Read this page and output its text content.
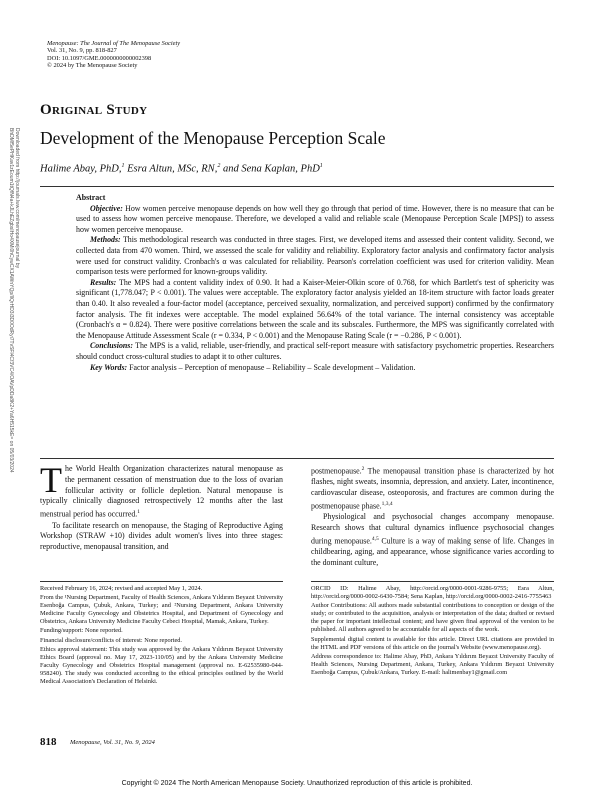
Menopause: The Journal of The Menopause Society
Vol. 31, No. 9, pp. 818-827
DOI: 10.1097/GME.0000000000002398
© 2024 by The Menopause Society
Downloaded from http://journals.lww.com/menopausejournal by BhDMf5ePHKav1zEoum1tQfN4a+kJLhEZgbsIHo4XMi0hCywCX1AWnYQp/IlQrHD3i3D0OdRyi7TvSFl4Cf3VC4/OAVpDDa8K2+Ya6H515kE= on 05/03/2024
Original Study
Development of the Menopause Perception Scale
Halime Abay, PhD,$^1$ Esra Altun, MSc, RN,$^2$ and Sena Kaplan, PhD$^1$
Abstract

Objective: How women perceive menopause depends on how well they go through that period of time. However, there is no measure that can be used to assess how women perceive menopause. Therefore, we developed a valid and reliable scale (Menopause Perception Scale [MPS]) to assess how women perceive menopause.

Methods: This methodological research was conducted in three stages. First, we developed items and assessed their content validity. Second, we collected data from 470 women. Third, we assessed the scale for validity and reliability. Exploratory factor analysis and confirmatory factor analysis were used for construct validity. Cronbach's α was calculated for reliability. Pearson's correlation coefficient was used for criterion validity. Mean comparison tests were performed for known-groups validity.

Results: The MPS had a content validity index of 0.90. It had a Kaiser-Meier-Olkin score of 0.768, for which Bartlett's test of sphericity was significant (1,778.047; P < 0.001). The values were acceptable. The exploratory factor analysis yielded an 18-item structure with factor loads greater than 0.40. It also revealed a four-factor model (acceptance, perceived sexuality, normalization, and perceived support) confirmed by the confirmatory factor analysis. The fit indexes were acceptable. The model explained 56.64% of the total variance. The internal consistency was acceptable (Cronbach's α = 0.824). There were positive correlations between the scale and its subscales. Furthermore, the MPS was significantly correlated with the Menopause Attitude Assessment Scale (r = 0.334, P < 0.001) and the Menopause Rating Scale (r = −0.286, P < 0.001).

Conclusions: The MPS is a valid, reliable, user-friendly, and practical self-report measure with satisfactory psychometric properties. Researchers should conduct cross-cultural studies to adapt it to other cultures.

Key Words: Factor analysis – Perception of menopause – Reliability – Scale development – Validation.

The World Health Organization characterizes natural menopause as the permanent cessation of menstruation due to the loss of ovarian follicular activity or follicle depletion. Natural menopause is typically clinically diagnosed retrospectively 12 months after the last menstrual period has occurred.$^1$

To facilitate research on menopause, the Staging of Reproductive Aging Workshop (STRAW +10) divides adult women's lives into three stages: reproductive, menopausal transition, and

postmenopause.$^2$ The menopausal transition phase is characterized by hot flashes, night sweats, insomnia, depression, and anxiety. Later, incontinence, cardiovascular disease, osteoporosis, and fractures are common during the postmenopause phase.$^{1,3,4}$

Physiological and psychosocial changes accompany menopause. Research shows that cultural dynamics influence psychosocial changes during menopause.$^{4,5}$ Culture is a way of making sense of life. Changes in childbearing, aging, and appearance, whose significance varies according to the dominant culture,

Received February 16, 2024; revised and accepted May 1, 2024.

From the ¹Nursing Department, Faculty of Health Sciences, Ankara Yıldırım Beyazıt University Esenboğa Campus, Çubuk, Ankara, Turkey; and ²Nursing Department, Ankara University Medicine Faculty Gynecology and Obstetrics Hospital, and Department of Gynecology and Obstetrics, Ankara University Medicine Faculty Cebeci Hospital, Mamak, Ankara, Turkey.

Funding/support: None reported.

Financial disclosure/conflicts of interest: None reported.

Ethics approval statement: This study was approved by the Ankara Yıldırım Beyazıt University Ethics Board (approval no. May 17, 2023-110/05) and by the Ankara University Medicine Faculty Gynecology and Obstetrics Hospital management (approval no. E-62535980-044-958240). The study was conducted according to the ethical principles outlined by the World Medical Association's Declaration of Helsinki.

ORCID ID: Halime Abay, http://orcid.org/0000-0001-9286-9755; Esra Altun, http://orcid.org/0000-0002-6430-7584; Sena Kaplan, http://orcid.org/0000-0002-2416-7755463

Author Contributions: All authors made substantial contributions to conception or design of the study; or contributed to the acquisition, analysis or interpretation of the data; drafted or revised the paper for important intellectual content; and have given final approval of the version to be published. All authors agreed to be accountable for all aspects of the work.

Supplemental digital content is available for this article. Direct URL citations are provided in the HTML and PDF versions of this article on the journal's Website (www.menopause.org).

Address correspondence to: Halime Abay, PhD, Ankara Yıldırım Beyazıt University Faculty of Health Sciences, Nursing Department, Ankara, Turkey, Ankara Yıldırım Beyazıt University Esenboğa Campus, Çubuk/Ankara, Turkey. E-mail: halimenbay1@gmail.com

818 Menopause, Vol. 31, No. 9, 2024
Copyright © 2024 The North American Menopause Society. Unauthorized reproduction of this article is prohibited.
